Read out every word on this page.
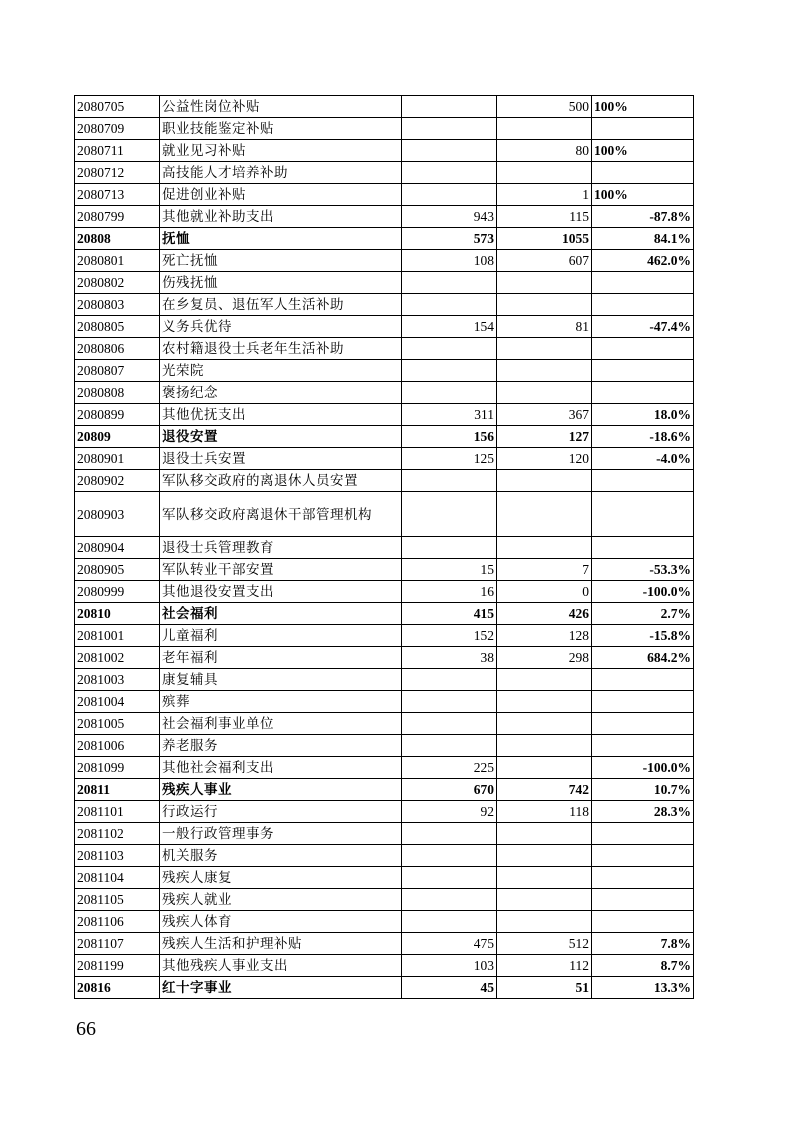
2080705	公益性岗位补贴		500	100%
2080709	职业技能鉴定补贴			
2080711	就业见习补贴		80	100%
2080712	高技能人才培养补助			
2080713	促进创业补贴		1	100%
2080799	其他就业补助支出	943	115	-87.8%
20808	抚恤	573	1055	84.1%
2080801	死亡抚恤	108	607	462.0%
2080802	伤残抚恤			
2080803	在乡复员、退伍军人生活补助			
2080805	义务兵优待	154	81	-47.4%
2080806	农村籍退役士兵老年生活补助			
2080807	光荣院			
2080808	褒扬纪念			
2080899	其他优抚支出	311	367	18.0%
20809	退役安置	156	127	-18.6%
2080901	退役士兵安置	125	120	-4.0%
2080902	军队移交政府的离退休人员安置			
2080903	军队移交政府离退休干部管理机构			
2080904	退役士兵管理教育			
2080905	军队转业干部安置	15	7	-53.3%
2080999	其他退役安置支出	16	0	-100.0%
20810	社会福利	415	426	2.7%
2081001	儿童福利	152	128	-15.8%
2081002	老年福利	38	298	684.2%
2081003	康复辅具			
2081004	殡葬			
2081005	社会福利事业单位			
2081006	养老服务			
2081099	其他社会福利支出	225		-100.0%
20811	残疾人事业	670	742	10.7%
2081101	行政运行	92	118	28.3%
2081102	一般行政管理事务			
2081103	机关服务			
2081104	残疾人康复			
2081105	残疾人就业			
2081106	残疾人体育			
2081107	残疾人生活和护理补贴	475	512	7.8%
2081199	其他残疾人事业支出	103	112	8.7%
20816	红十字事业	45	51	13.3%
66
